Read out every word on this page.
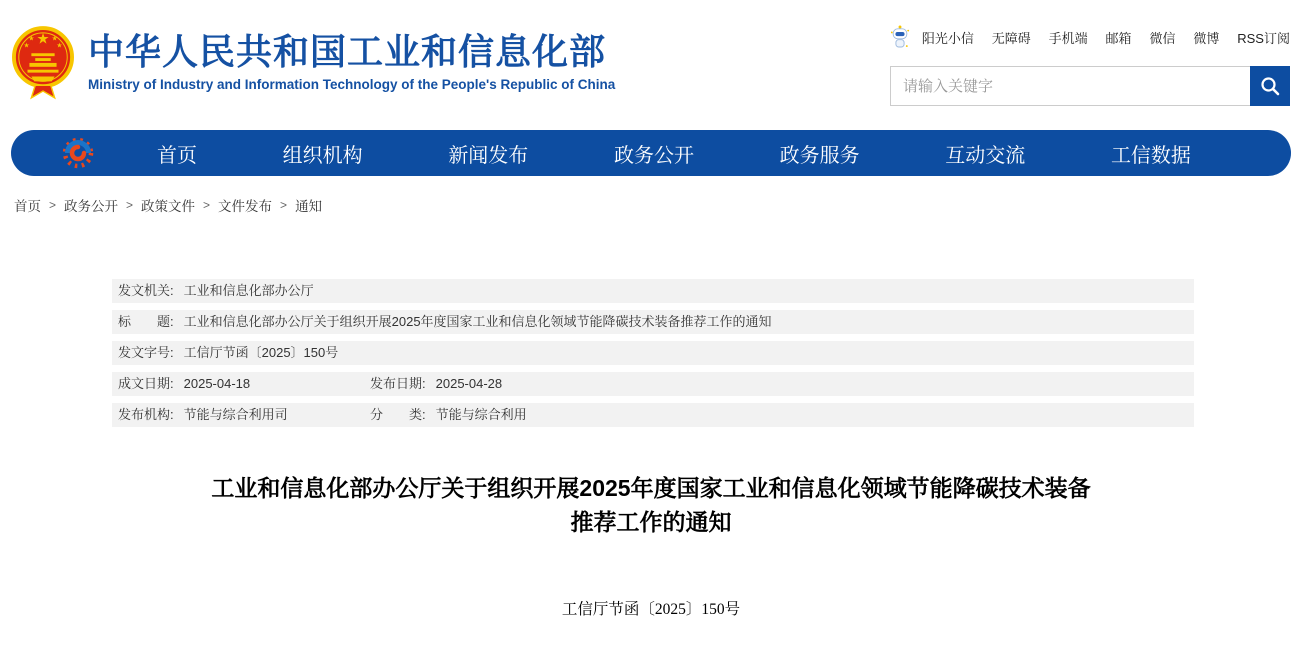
★
★ ★
★	★ 中华人民共和国工业和信息化部
Ministry of Industry and Information Technology of the People's Republic of China
阳光小信 无障碍 手机端 邮箱 微信 微博 RSS订阅
请输入关键字
首页	组织机构	新闻发布	政务公开	政务服务	互动交流	工信数据
首页 > 政务公开 > 政策文件 > 文件发布 > 通知
发文机关: 工业和信息化部办公厅
标　　题: 工业和信息化部办公厅关于组织开展2025年度国家工业和信息化领域节能降碳技术装备推荐工作的通知
发文字号: 工信厅节函〔2025〕150号
成文日期: 2025-04-18	发布日期: 2025-04-28
发布机构: 节能与综合利用司	分　　类: 节能与综合利用
工业和信息化部办公厅关于组织开展2025年度国家工业和信息化领域节能降碳技术装备
推荐工作的通知
工信厅节函〔2025〕150号
